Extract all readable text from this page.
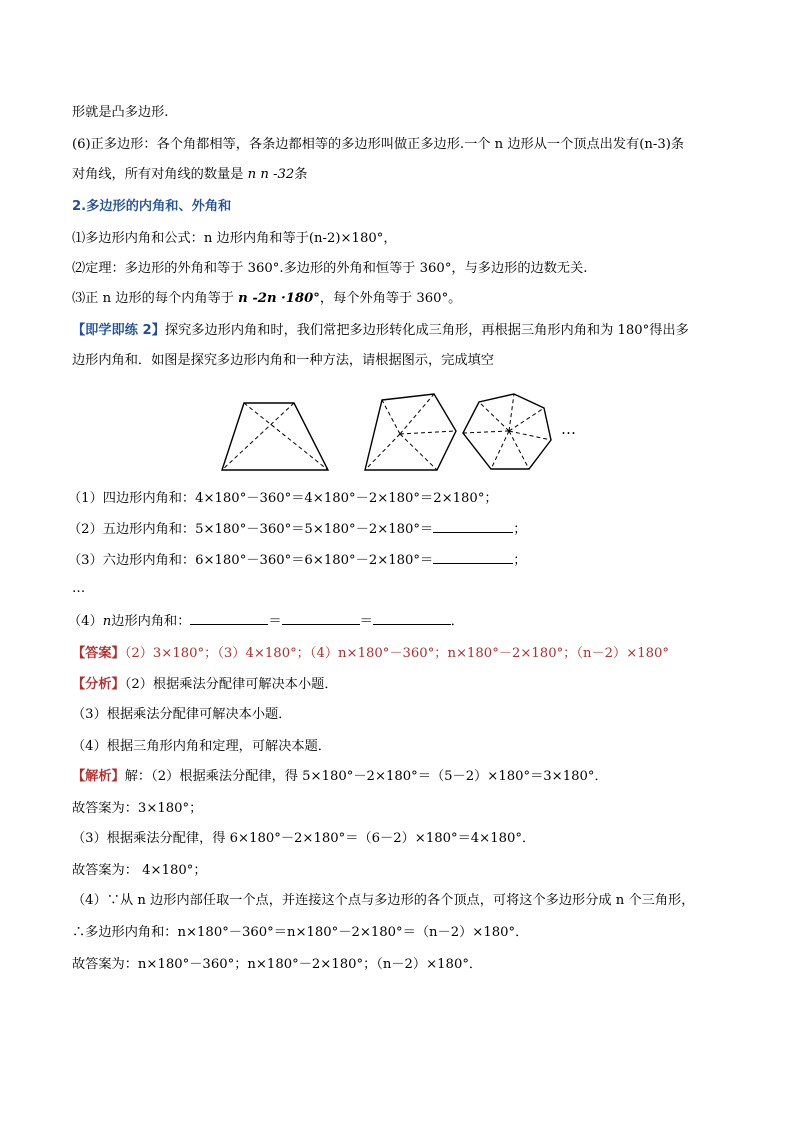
形就是凸多边形.
(6)正多边形：各个角都相等，各条边都相等的多边形叫做正多边形.一个 n 边形从一个顶点出发有(n-3)条
对角线，所有对角线的数量是 n n -32条
2.多边形的内角和、外角和
⑴多边形内角和公式：n 边形内角和等于(n-2)×180°，
⑵定理：多边形的外角和等于 360°.多边形的外角和恒等于 360°，与多边形的边数无关.
⑶正 n 边形的每个内角等于 n -2n ·180°，每个外角等于 360°。
【即学即练 2】探究多边形内角和时，我们常把多边形转化成三角形，再根据三角形内角和为 180°得出多
边形内角和．如图是探究多边形内角和一种方法，请根据图示，完成填空
…
（1）四边形内角和：4×180°－360°＝4×180°－2×180°＝2×180°；
（2）五边形内角和：5×180°－360°＝5×180°－2×180°＝	；
（3）六边形内角和：6×180°－360°＝6×180°－2×180°＝	；
…
（4）n边形内角和：	＝	＝	．
【答案】（2）3×180°；（3）4×180°；（4）n×180°－360°；n×180°－2×180°；（n－2）×180°
【分析】（2）根据乘法分配律可解决本小题．
（3）根据乘法分配律可解决本小题．
（4）根据三角形内角和定理，可解决本题．
【解析】解：（2）根据乘法分配律，得 5×180°－2×180°＝（5－2）×180°＝3×180°．
故答案为：3×180°；
（3）根据乘法分配律，得 6×180°－2×180°＝（6－2）×180°＝4×180°．
故答案为： 4×180°；
（4）∵从 n 边形内部任取一个点，并连接这个点与多边形的各个顶点，可将这个多边形分成 n 个三角形，
∴多边形内角和：n×180°－360°＝n×180°－2×180°＝（n－2）×180°．
故答案为：n×180°－360°；n×180°－2×180°；（n－2）×180°．
